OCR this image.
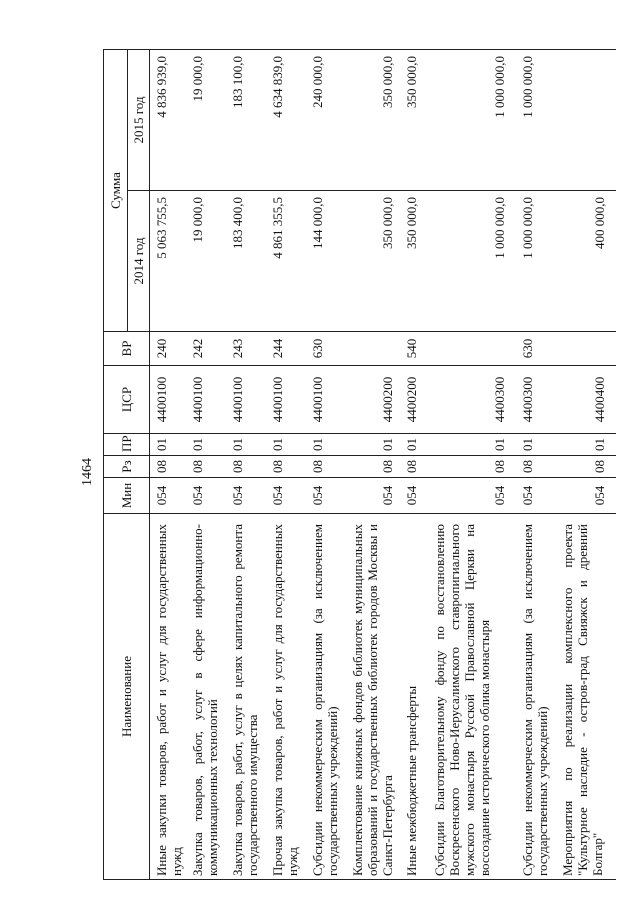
1464
Наименование	Мин	Рз	ПР	ЦСР	ВР	Сумма	
						2014 год	2015 год
Иные закупки товаров, работ и услуг для государственных нужд	054	08	01	4400100	240	5 063 755,5	4 836 939,0
Закупка товаров, работ, услуг в сфере информационно-коммуникационных технологий	054	08	01	4400100	242	19 000,0	19 000,0
Закупка товаров, работ, услуг в целях капитального ремонта государственного имущества	054	08	01	4400100	243	183 400,0	183 100,0
Прочая закупка товаров, работ и услуг для государственных нужд	054	08	01	4400100	244	4 861 355,5	4 634 839,0
Субсидии некоммерческим организациям (за исключением государственных учреждений)	054	08	01	4400100	630	144 000,0	240 000,0
Комплектование книжных фондов библиотек муниципальных образований и государственных библиотек городов Москвы и Санкт-Петербурга	054	08	01	4400200		350 000,0	350 000,0
Иные межбюджетные трансферты	054	08	01	4400200	540	350 000,0	350 000,0
Субсидии Благотворительному фонду по восстановлению Воскресенского Ново-Иерусалимского ставропигиального мужского монастыря Русской Православной Церкви на воссоздание исторического облика монастыря	054	08	01	4400300		1 000 000,0	1 000 000,0
Субсидии некоммерческим организациям (за исключением государственных учреждений)	054	08	01	4400300	630	1 000 000,0	1 000 000,0
Мероприятия по реализации комплексного проекта "Культурное наследие - остров-град Свияжск и древний Болгар"	054	08	01	4400400		400 000,0	
